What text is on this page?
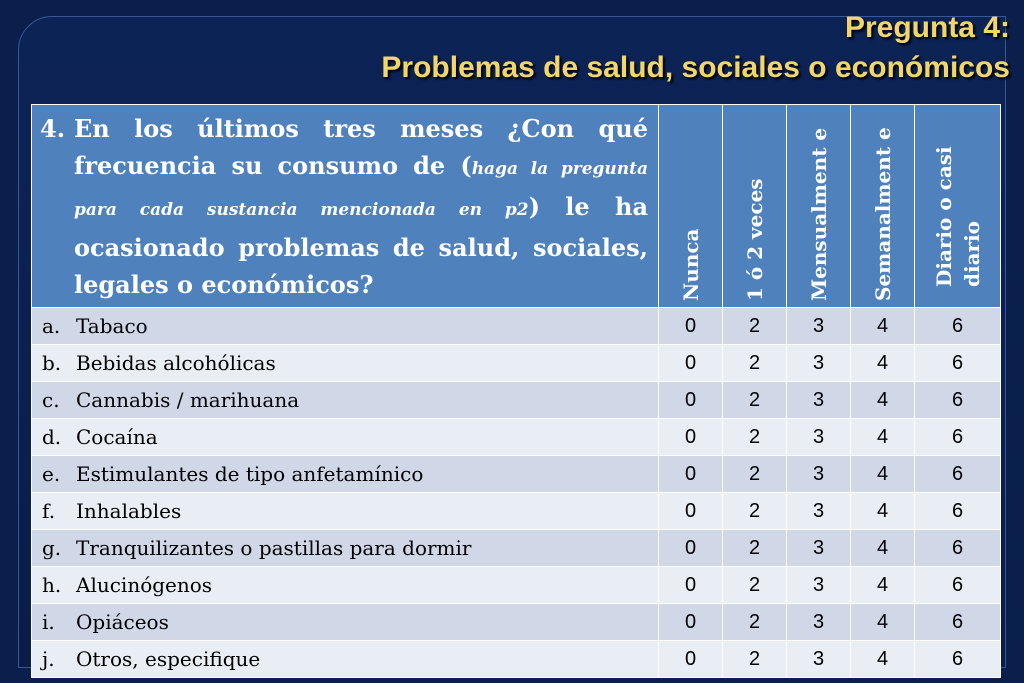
Pregunta 4:
Problemas de salud, sociales o económicos
4. En los últimos tres meses ¿Con qué frecuencia su consumo de (haga la pregunta para cada sustancia mencionada en p2) le ha ocasionado problemas de salud, sociales, legales o económicos?	Nunca	1 ó 2 veces	Mensualment e	Semanalment e	Diario o casi diario

a. Tabaco	0	2	3	4	6
b. Bebidas alcohólicas	0	2	3	4	6
c. Cannabis / marihuana	0	2	3	4	6
d. Cocaína	0	2	3	4	6
e. Estimulantes de tipo anfetamínico	0	2	3	4	6
f. Inhalables	0	2	3	4	6
g. Tranquilizantes o pastillas para dormir	0	2	3	4	6
h. Alucinógenos	0	2	3	4	6
i. Opiáceos	0	2	3	4	6
j. Otros, especifique	0	2	3	4	6
